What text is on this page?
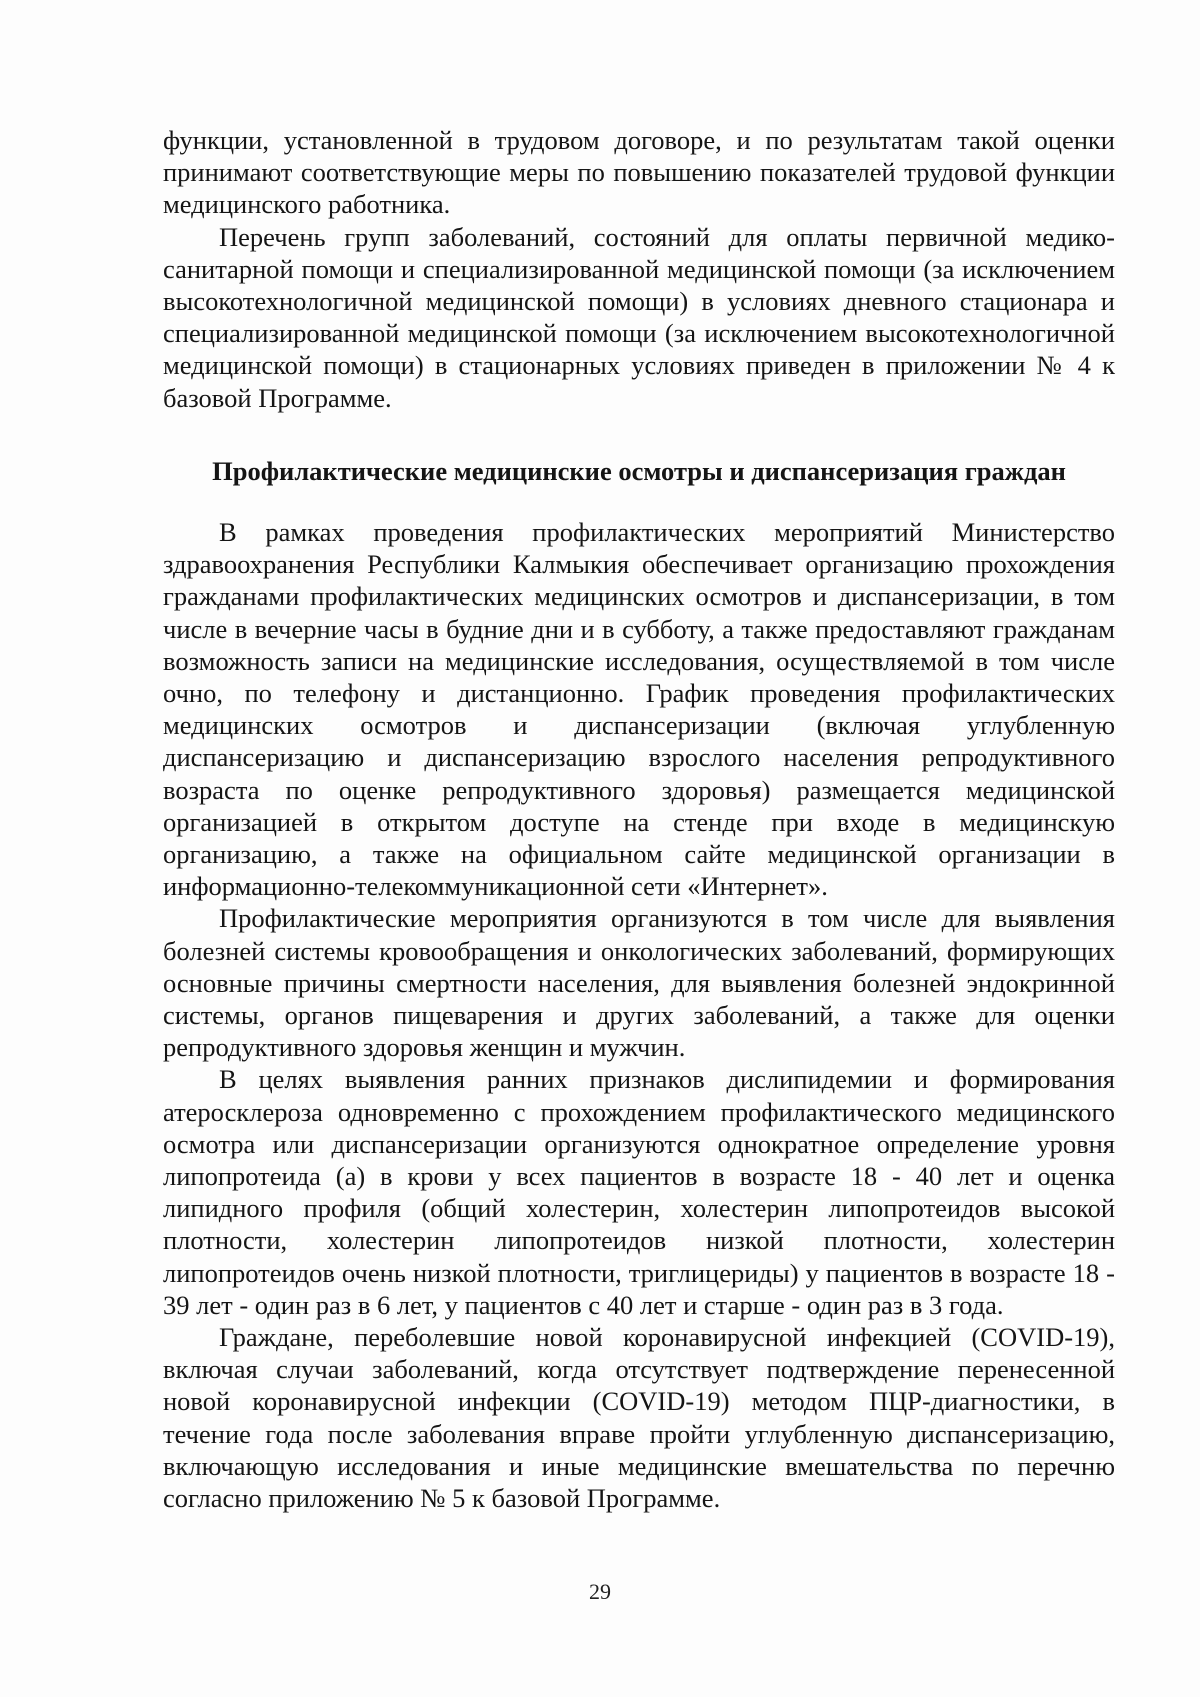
функции, установленной в трудовом договоре, и по результатам такой оценки принимают соответствующие меры по повышению показателей трудовой функции медицинского работника.

Перечень групп заболеваний, состояний для оплаты первичной медико-санитарной помощи и специализированной медицинской помощи (за исключением высокотехнологичной медицинской помощи) в условиях дневного стационара и специализированной медицинской помощи (за исключением высокотехнологичной медицинской помощи) в стационарных условиях приведен в приложении № 4 к базовой Программе.

Профилактические медицинские осмотры и диспансеризация граждан

В рамках проведения профилактических мероприятий Министерство здравоохранения Республики Калмыкия обеспечивает организацию прохождения гражданами профилактических медицинских осмотров и диспансеризации, в том числе в вечерние часы в будние дни и в субботу, а также предоставляют гражданам возможность записи на медицинские исследования, осуществляемой в том числе очно, по телефону и дистанционно. График проведения профилактических медицинских осмотров и диспансеризации (включая углубленную диспансеризацию и диспансеризацию взрослого населения репродуктивного возраста по оценке репродуктивного здоровья) размещается медицинской организацией в открытом доступе на стенде при входе в медицинскую организацию, а также на официальном сайте медицинской организации в информационно-телекоммуникационной сети «Интернет».

Профилактические мероприятия организуются в том числе для выявления болезней системы кровообращения и онкологических заболеваний, формирующих основные причины смертности населения, для выявления болезней эндокринной системы, органов пищеварения и других заболеваний, а также для оценки репродуктивного здоровья женщин и мужчин.

В целях выявления ранних признаков дислипидемии и формирования атеросклероза одновременно с прохождением профилактического медицинского осмотра или диспансеризации организуются однократное определение уровня липопротеида (а) в крови у всех пациентов в возрасте 18 - 40 лет и оценка липидного профиля (общий холестерин, холестерин липопротеидов высокой плотности, холестерин липопротеидов низкой плотности, холестерин липопротеидов очень низкой плотности, триглицериды) у пациентов в возрасте 18 - 39 лет - один раз в 6 лет, у пациентов с 40 лет и старше - один раз в 3 года.

Граждане, переболевшие новой коронавирусной инфекцией (COVID-19), включая случаи заболеваний, когда отсутствует подтверждение перенесенной новой коронавирусной инфекции (COVID-19) методом ПЦР-диагностики, в течение года после заболевания вправе пройти углубленную диспансеризацию, включающую исследования и иные медицинские вмешательства по перечню согласно приложению № 5 к базовой Программе.

29
